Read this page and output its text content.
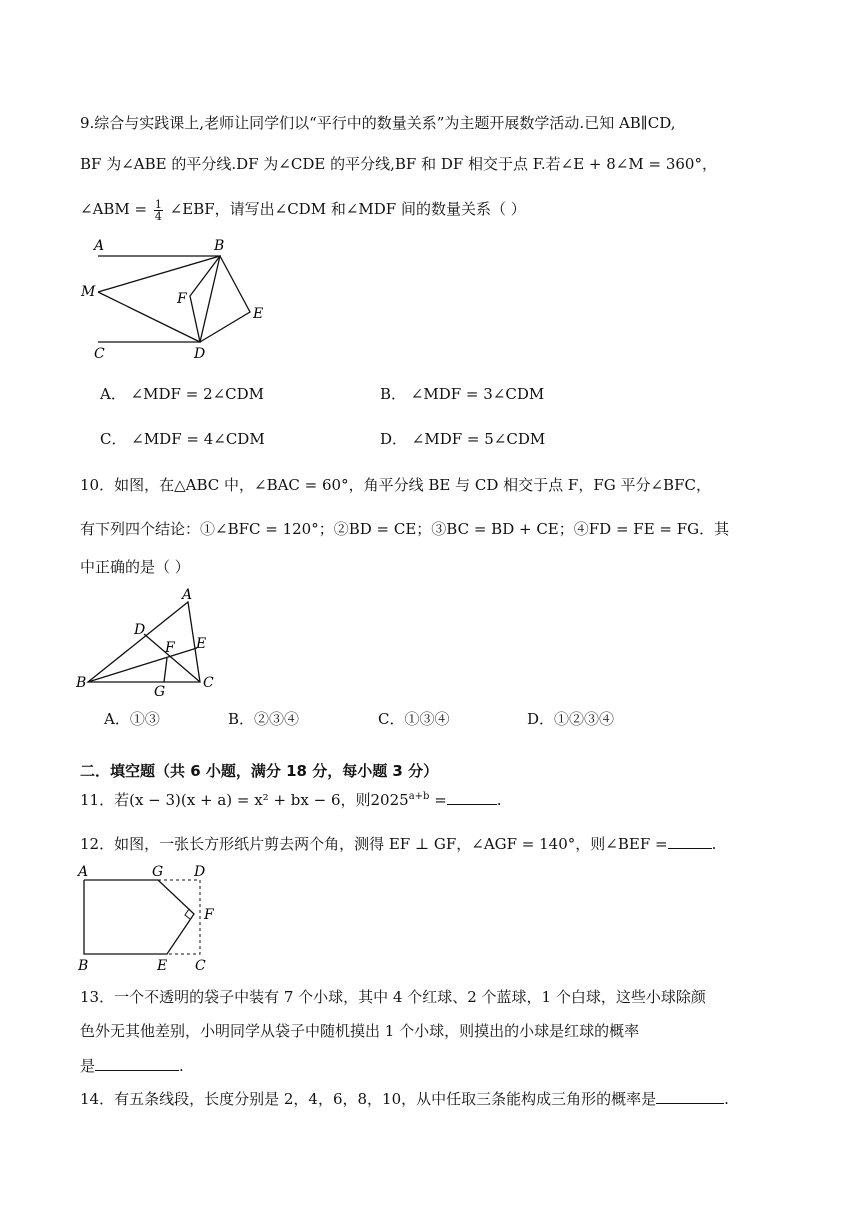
9.综合与实践课上,老师让同学们以“平行中的数量关系”为主题开展数学活动.已知 AB∥CD,
BF 为∠ABE 的平分线.DF 为∠CDE 的平分线,BF 和 DF 相交于点 F.若∠E + 8∠M = 360°，
∠ABM = $\frac{1}{4}$ ∠EBF，请写出∠CDM 和∠MDF 间的数量关系（ ）
A	B
M	F
E
C	D
A． ∠MDF = 2∠CDM	B． ∠MDF = 3∠CDM
C． ∠MDF = 4∠CDM	D． ∠MDF = 5∠CDM
10．如图，在△ABC 中，∠BAC = 60°，角平分线 BE 与 CD 相交于点 F，FG 平分∠BFC，
有下列四个结论：①∠BFC = 120°；②BD = CE；③BC = BD + CE；④FD = FE = FG．其
中正确的是（ ）
A
D
F E
B
G
C
A．①③	B．②③④	C．①③④	D．①②③④
二．填空题（共 6 小题，满分 18 分，每小题 3 分）
11．若(x − 3)(x + a) = x² + bx − 6，则$2025^{a+b}$ =	.
12．如图，一张长方形纸片剪去两个角，测得 EF ⊥ GF，∠AGF = 140°，则∠BEF =	.
A	G D
F
B	E C
13．一个不透明的袋子中装有 7 个小球，其中 4 个红球、2 个蓝球，1 个白球，这些小球除颜
色外无其他差别，小明同学从袋子中随机摸出 1 个小球，则摸出的小球是红球的概率
是	.
14．有五条线段，长度分别是 2，4，6，8，10，从中任取三条能构成三角形的概率是	.
